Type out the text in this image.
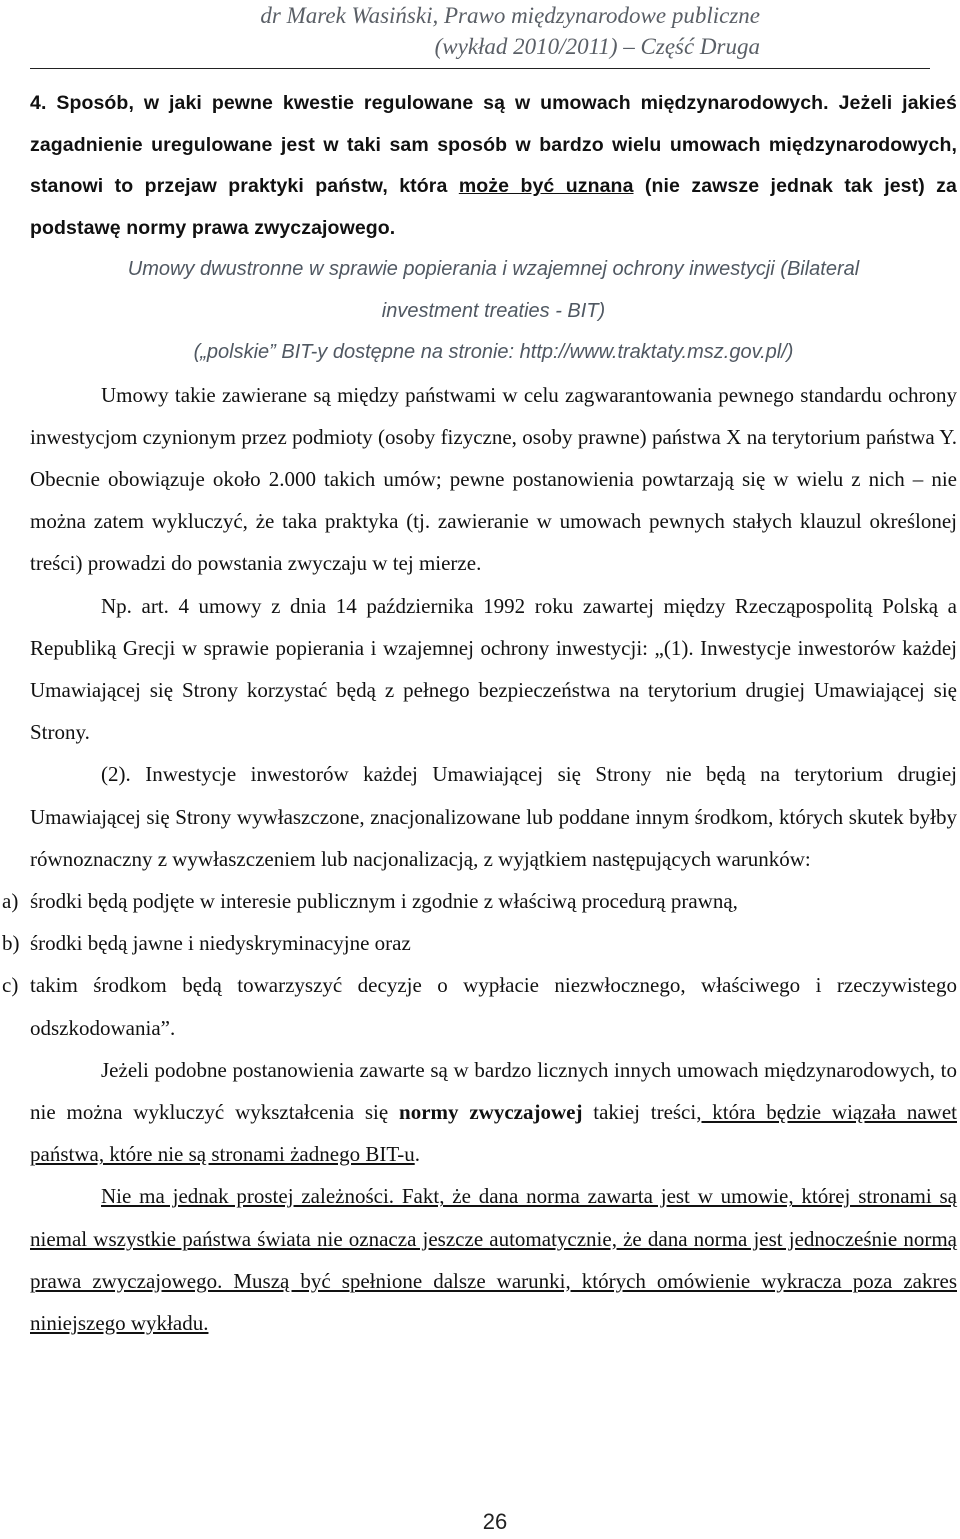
dr Marek Wasiński, Prawo międzynarodowe publiczne
(wykład 2010/2011) – Część Druga

4. Sposób, w jaki pewne kwestie regulowane są w umowach międzynarodowych. Jeżeli jakieś zagadnienie uregulowane jest w taki sam sposób w bardzo wielu umowach międzynarodowych, stanowi to przejaw praktyki państw, która może być uznana (nie zawsze jednak tak jest) za podstawę normy prawa zwyczajowego.

Umowy dwustronne w sprawie popierania i wzajemnej ochrony inwestycji (Bilateral

investment treaties - BIT)

(„polskie” BIT-y dostępne na stronie: http://www.traktaty.msz.gov.pl/)

Umowy takie zawierane są między państwami w celu zagwarantowania pewnego standardu ochrony inwestycjom czynionym przez podmioty (osoby fizyczne, osoby prawne) państwa X na terytorium państwa Y. Obecnie obowiązuje około 2.000 takich umów; pewne postanowienia powtarzają się w wielu z nich – nie można zatem wykluczyć, że taka praktyka (tj. zawieranie w umowach pewnych stałych klauzul określonej treści) prowadzi do powstania zwyczaju w tej mierze.

Np. art. 4 umowy z dnia 14 października 1992 roku zawartej między Rzecząpospolitą Polską a Republiką Grecji w sprawie popierania i wzajemnej ochrony inwestycji: „(1). Inwestycje inwestorów każdej Umawiającej się Strony korzystać będą z pełnego bezpieczeństwa na terytorium drugiej Umawiającej się Strony.

(2). Inwestycje inwestorów każdej Umawiającej się Strony nie będą na terytorium drugiej Umawiającej się Strony wywłaszczone, znacjonalizowane lub poddane innym środkom, których skutek byłby równoznaczny z wywłaszczeniem lub nacjonalizacją, z wyjątkiem następujących warunków:

a) środki będą podjęte w interesie publicznym i zgodnie z właściwą procedurą prawną,
b) środki będą jawne i niedyskryminacyjne oraz
c) takim środkom będą towarzyszyć decyzje o wypłacie niezwłocznego, właściwego i rzeczywistego odszkodowania”.

Jeżeli podobne postanowienia zawarte są w bardzo licznych innych umowach międzynarodowych, to nie można wykluczyć wykształcenia się normy zwyczajowej takiej treści, która będzie wiązała nawet państwa, które nie są stronami żadnego BIT-u.

Nie ma jednak prostej zależności. Fakt, że dana norma zawarta jest w umowie, której stronami są niemal wszystkie państwa świata nie oznacza jeszcze automatycznie, że dana norma jest jednocześnie normą prawa zwyczajowego. Muszą być spełnione dalsze warunki, których omówienie wykracza poza zakres niniejszego wykładu.

26
